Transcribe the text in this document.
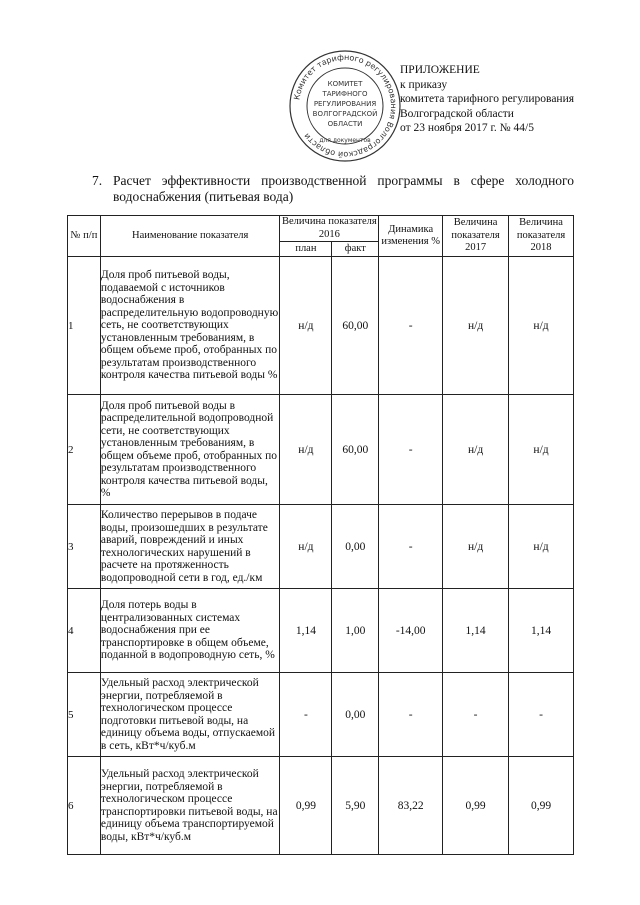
ПРИЛОЖЕНИЕ
к приказу
комитета тарифного регулирования
Волгоградской области
от 23 ноября 2017 г. № 44/5
Комитет тарифного регулирования Волгоградской области
КОМИТЕТ
ТАРИФНОГО
РЕГУЛИРОВАНИЯ
ВОЛГОГРАДСКОЙ
ОБЛАСТИ
для документов
7. Расчет эффективности производственной программы в сфере холодного водоснабжения (питьевая вода)
№ п/п	Наименование показателя	Величина показателя 2016		Динамика изменения %	Величина показателя 2017	Величина показателя 2018
		план	факт			
1	Доля проб питьевой воды, подаваемой с источников водоснабжения в распределительную водопроводную сеть, не соответствующих установленным требованиям, в общем объеме проб, отобранных по результатам производственного контроля качества питьевой воды %	н/д	60,00	-	н/д	н/д
2	Доля проб питьевой воды в распределительной водопроводной сети, не соответствующих установленным требованиям, в общем объеме проб, отобранных по результатам производственного контроля качества питьевой воды, %	н/д	60,00	-	н/д	н/д
3	Количество перерывов в подаче воды, произошедших в результате аварий, повреждений и иных технологических нарушений в расчете на протяженность водопроводной сети в год, ед./км	н/д	0,00	-	н/д	н/д
4	Доля потерь воды в централизованных системах водоснабжения при ее транспортировке в общем объеме, поданной в водопроводную сеть, %	1,14	1,00	-14,00	1,14	1,14
5	Удельный расход электрической энергии, потребляемой в технологическом процессе подготовки питьевой воды, на единицу объема воды, отпускаемой в сеть, кВт*ч/куб.м	-	0,00	-	-	-
6	Удельный расход электрической энергии, потребляемой в технологическом процессе транспортировки питьевой воды, на единицу объема транспортируемой воды, кВт*ч/куб.м	0,99	5,90	83,22	0,99	0,99
